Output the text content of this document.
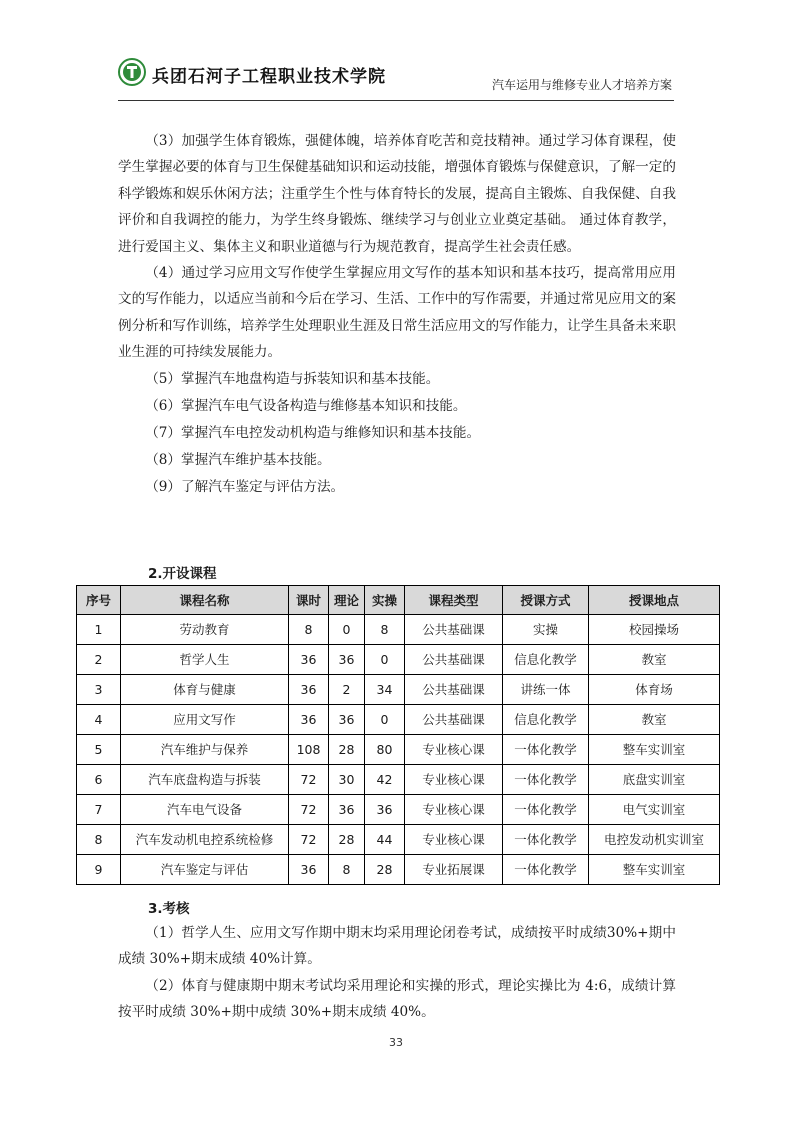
兵团石河子工程职业技术学院	汽车运用与维修专业人才培养方案

（3）加强学生体育锻炼，强健体魄，培养体育吃苦和竞技精神。通过学习体育课程，使学生掌握必要的体育与卫生保健基础知识和运动技能，增强体育锻炼与保健意识，了解一定的科学锻炼和娱乐休闲方法；注重学生个性与体育特长的发展，提高自主锻炼、自我保健、自我评价和自我调控的能力，为学生终身锻炼、继续学习与创业立业奠定基础。 通过体育教学，进行爱国主义、集体主义和职业道德与行为规范教育，提高学生社会责任感。

（4）通过学习应用文写作使学生掌握应用文写作的基本知识和基本技巧，提高常用应用文的写作能力，以适应当前和今后在学习、生活、工作中的写作需要，并通过常见应用文的案例分析和写作训练，培养学生处理职业生涯及日常生活应用文的写作能力，让学生具备未来职业生涯的可持续发展能力。

（5）掌握汽车地盘构造与拆装知识和基本技能。

（6）掌握汽车电气设备构造与维修基本知识和技能。

（7）掌握汽车电控发动机构造与维修知识和基本技能。

（8）掌握汽车维护基本技能。

（9）了解汽车鉴定与评估方法。

2.开设课程
序号	课程名称	课时	理论	实操	课程类型	授课方式	授课地点
1	劳动教育	8	0	8	公共基础课	实操	校园操场
2	哲学人生	36	36	0	公共基础课	信息化教学	教室
3	体育与健康	36	2	34	公共基础课	讲练一体	体育场
4	应用文写作	36	36	0	公共基础课	信息化教学	教室
5	汽车维护与保养	108	28	80	专业核心课	一体化教学	整车实训室
6	汽车底盘构造与拆装	72	30	42	专业核心课	一体化教学	底盘实训室
7	汽车电气设备	72	36	36	专业核心课	一体化教学	电气实训室
8	汽车发动机电控系统检修	72	28	44	专业核心课	一体化教学	电控发动机实训室
9	汽车鉴定与评估	36	8	28	专业拓展课	一体化教学	整车实训室
3.考核

（1）哲学人生、应用文写作期中期末均采用理论闭卷考试，成绩按平时成绩30%+期中成绩 30%+期末成绩 40%计算。

（2）体育与健康期中期末考试均采用理论和实操的形式，理论实操比为 4:6，成绩计算按平时成绩 30%+期中成绩 30%+期末成绩 40%。

33
